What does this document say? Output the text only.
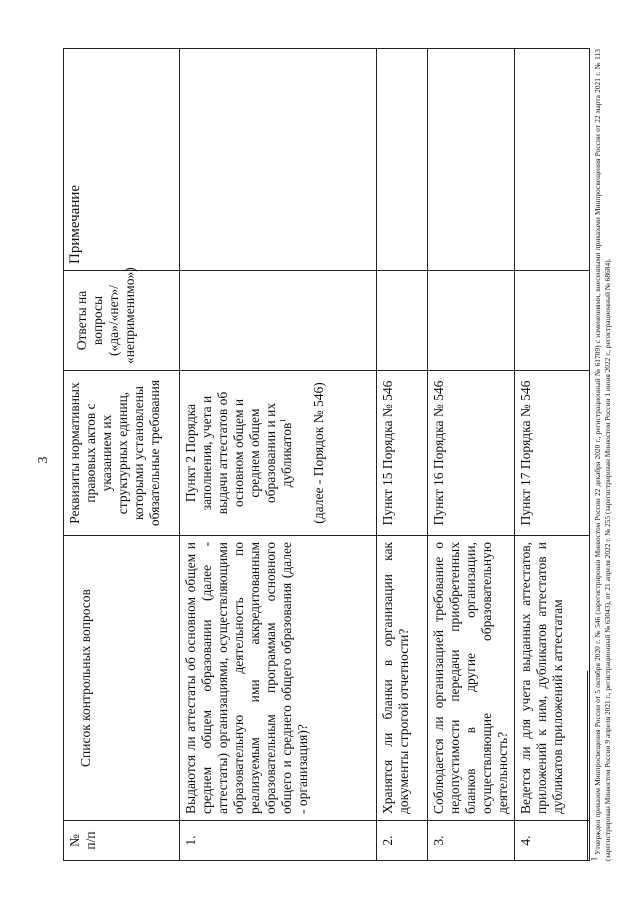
3
№ п/п	Список контрольных вопросов	Реквизиты нормативных правовых актов с указанием их структурных единиц, которыми установлены обязательные требования	Ответы на вопросы («да»/«нет»/ «неприменимо»)	Примечание
1.	Выдаются ли аттестаты об основном общем и среднем общем образовании (далее - аттестаты) организациями, осуществляющими образовательную деятельность по реализуемым ими аккредитованным образовательным программам основного общего и среднего общего образования (далее - организация)?	Пункт 2 Порядка заполнения, учета и выдачи аттестатов об основном общем и среднем общем образовании и их дубликатов$^1$ (далее - Порядок № 546)		
2.	Хранятся ли бланки в организации как документы строгой отчетности?	Пункт 15 Порядка № 546		
3.	Соблюдается ли организацией требование о недопустимости передачи приобретенных бланков в другие организации, осуществляющие образовательную деятельность?	Пункт 16 Порядка № 546		
4.	Ведется ли для учета выданных аттестатов, приложений к ним, дубликатов аттестатов и дубликатов приложений к аттестатам	Пункт 17 Порядка № 546		
$^1$ Утвержден приказом Минпросвещения России от 5 октября 2020 г. № 546 (зарегистрирован Минюстом России 22 декабря 2020 г., регистрационный № 61709) с изменениями, внесенными приказами Минпросвещения России от 22 марта 2021 г. № 113 (зарегистрирован Минюстом России 9 апреля 2021 г., регистрационный № 63043), от 21 апреля 2022 г. № 255 (зарегистрирован Минюстом России 1 июня 2022 г., регистрационный № 68684).
